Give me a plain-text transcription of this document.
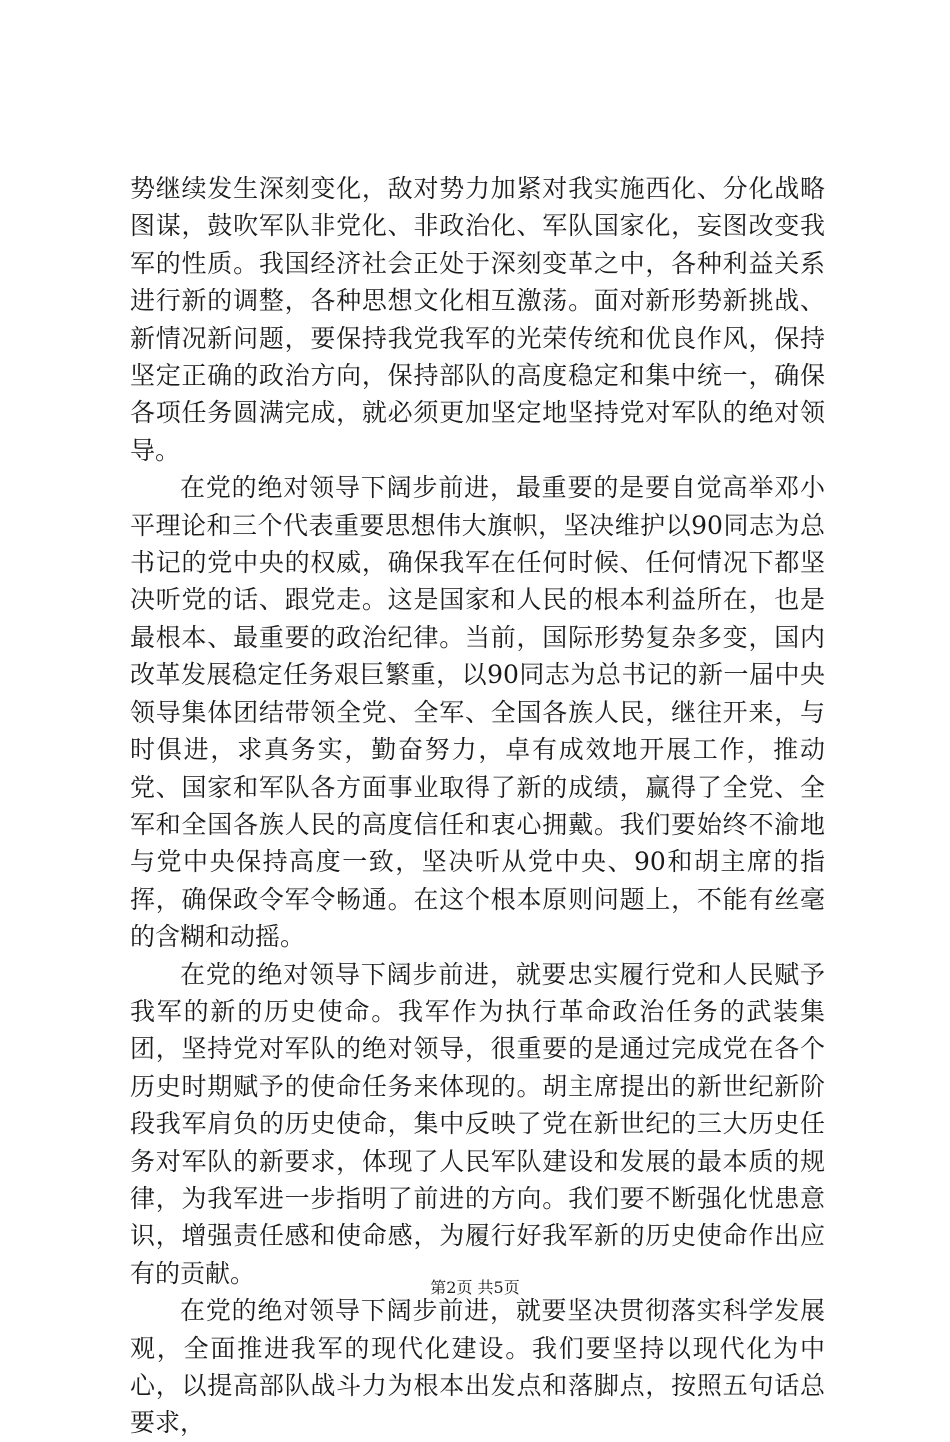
势继续发生深刻变化，敌对势力加紧对我实施西化、分化战略图谋，鼓吹军队非党化、非政治化、军队国家化，妄图改变我军的性质。我国经济社会正处于深刻变革之中，各种利益关系进行新的调整，各种思想文化相互激荡。面对新形势新挑战、新情况新问题，要保持我党我军的光荣传统和优良作风，保持坚定正确的政治方向，保持部队的高度稳定和集中统一，确保各项任务圆满完成，就必须更加坚定地坚持党对军队的绝对领导。

在党的绝对领导下阔步前进，最重要的是要自觉高举邓小平理论和三个代表重要思想伟大旗帜，坚决维护以90同志为总书记的党中央的权威，确保我军在任何时候、任何情况下都坚决听党的话、跟党走。这是国家和人民的根本利益所在，也是最根本、最重要的政治纪律。当前，国际形势复杂多变，国内改革发展稳定任务艰巨繁重，以90同志为总书记的新一届中央领导集体团结带领全党、全军、全国各族人民，继往开来，与时俱进，求真务实，勤奋努力，卓有成效地开展工作，推动党、国家和军队各方面事业取得了新的成绩，赢得了全党、全军和全国各族人民的高度信任和衷心拥戴。我们要始终不渝地与党中央保持高度一致，坚决听从党中央、90和胡主席的指挥，确保政令军令畅通。在这个根本原则问题上，不能有丝毫的含糊和动摇。

在党的绝对领导下阔步前进，就要忠实履行党和人民赋予我军的新的历史使命。我军作为执行革命政治任务的武装集团，坚持党对军队的绝对领导，很重要的是通过完成党在各个历史时期赋予的使命任务来体现的。胡主席提出的新世纪新阶段我军肩负的历史使命，集中反映了党在新世纪的三大历史任务对军队的新要求，体现了人民军队建设和发展的最本质的规律，为我军进一步指明了前进的方向。我们要不断强化忧患意识，增强责任感和使命感，为履行好我军新的历史使命作出应有的贡献。

在党的绝对领导下阔步前进，就要坚决贯彻落实科学发展观，全面推进我军的现代化建设。我们要坚持以现代化为中心，以提高部队战斗力为根本出发点和落脚点，按照五句话总要求，

第2页 共5页
